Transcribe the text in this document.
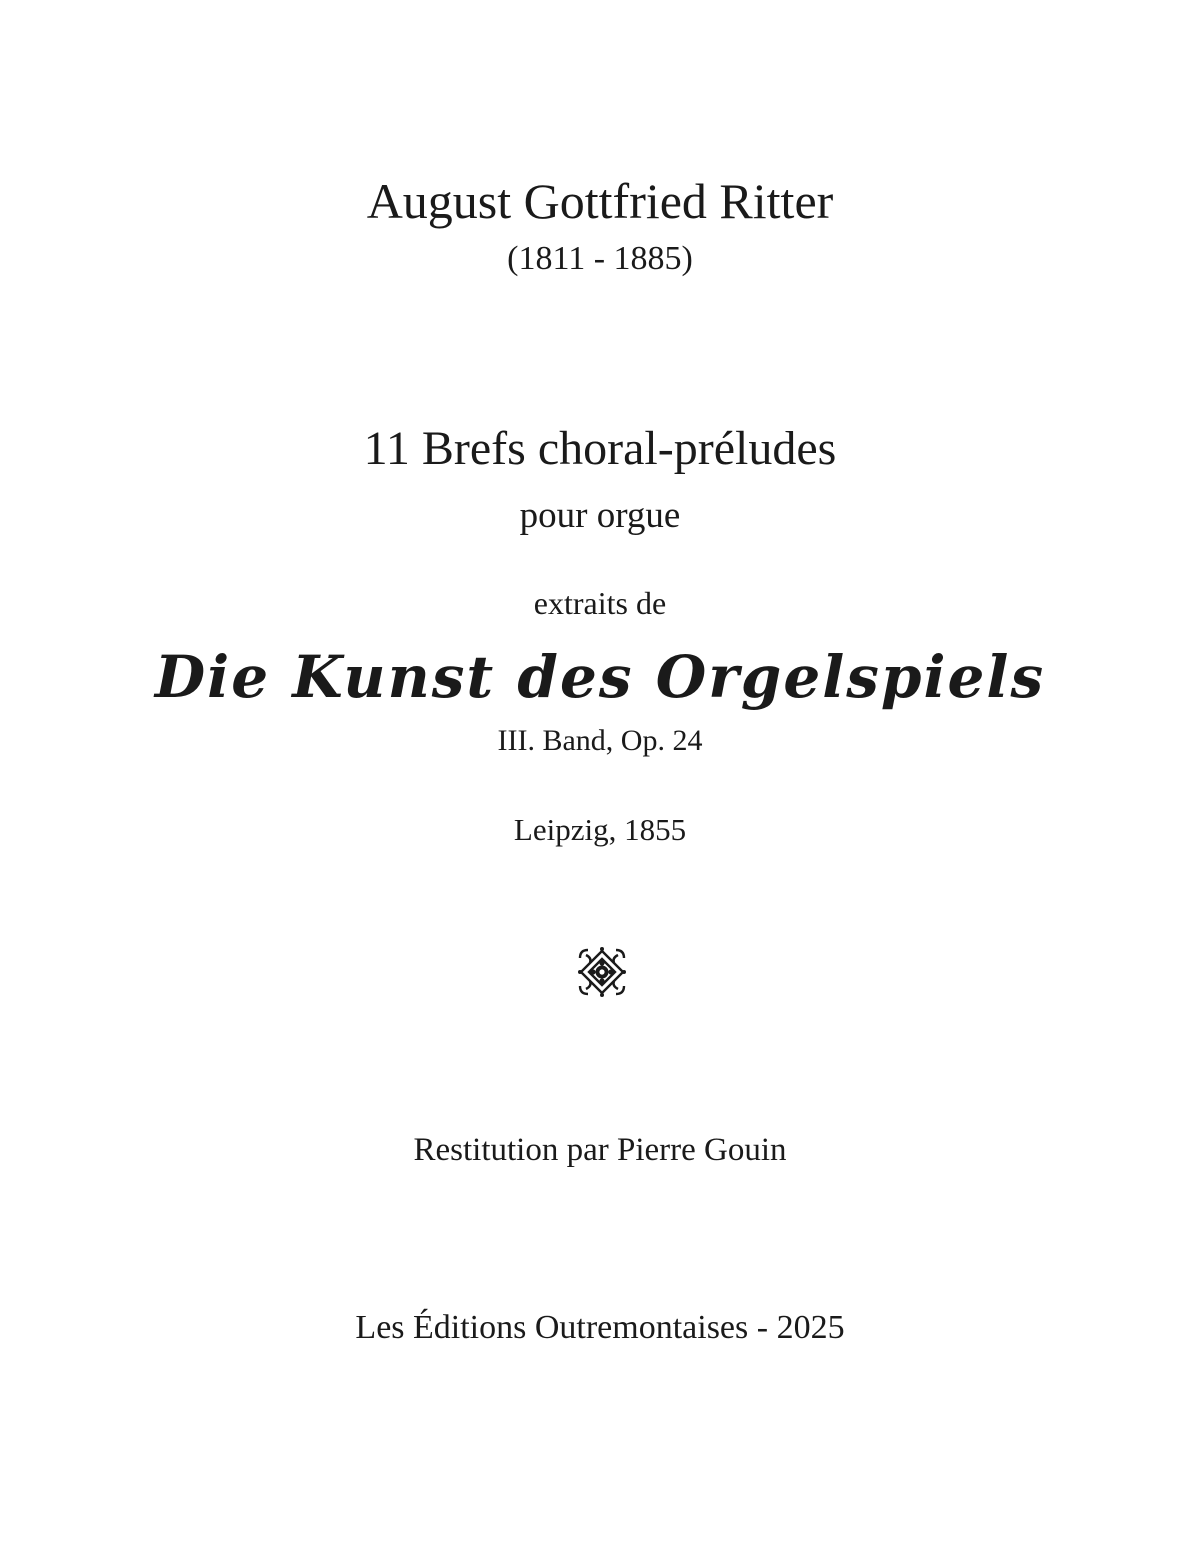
August Gottfried Ritter
(1811 - 1885)
11 Brefs choral-préludes
pour orgue
extraits de
Die Kunst des Orgelspiels
III. Band, Op. 24
Leipzig, 1855
Restitution par Pierre Gouin
Les Éditions Outremontaises - 2025
